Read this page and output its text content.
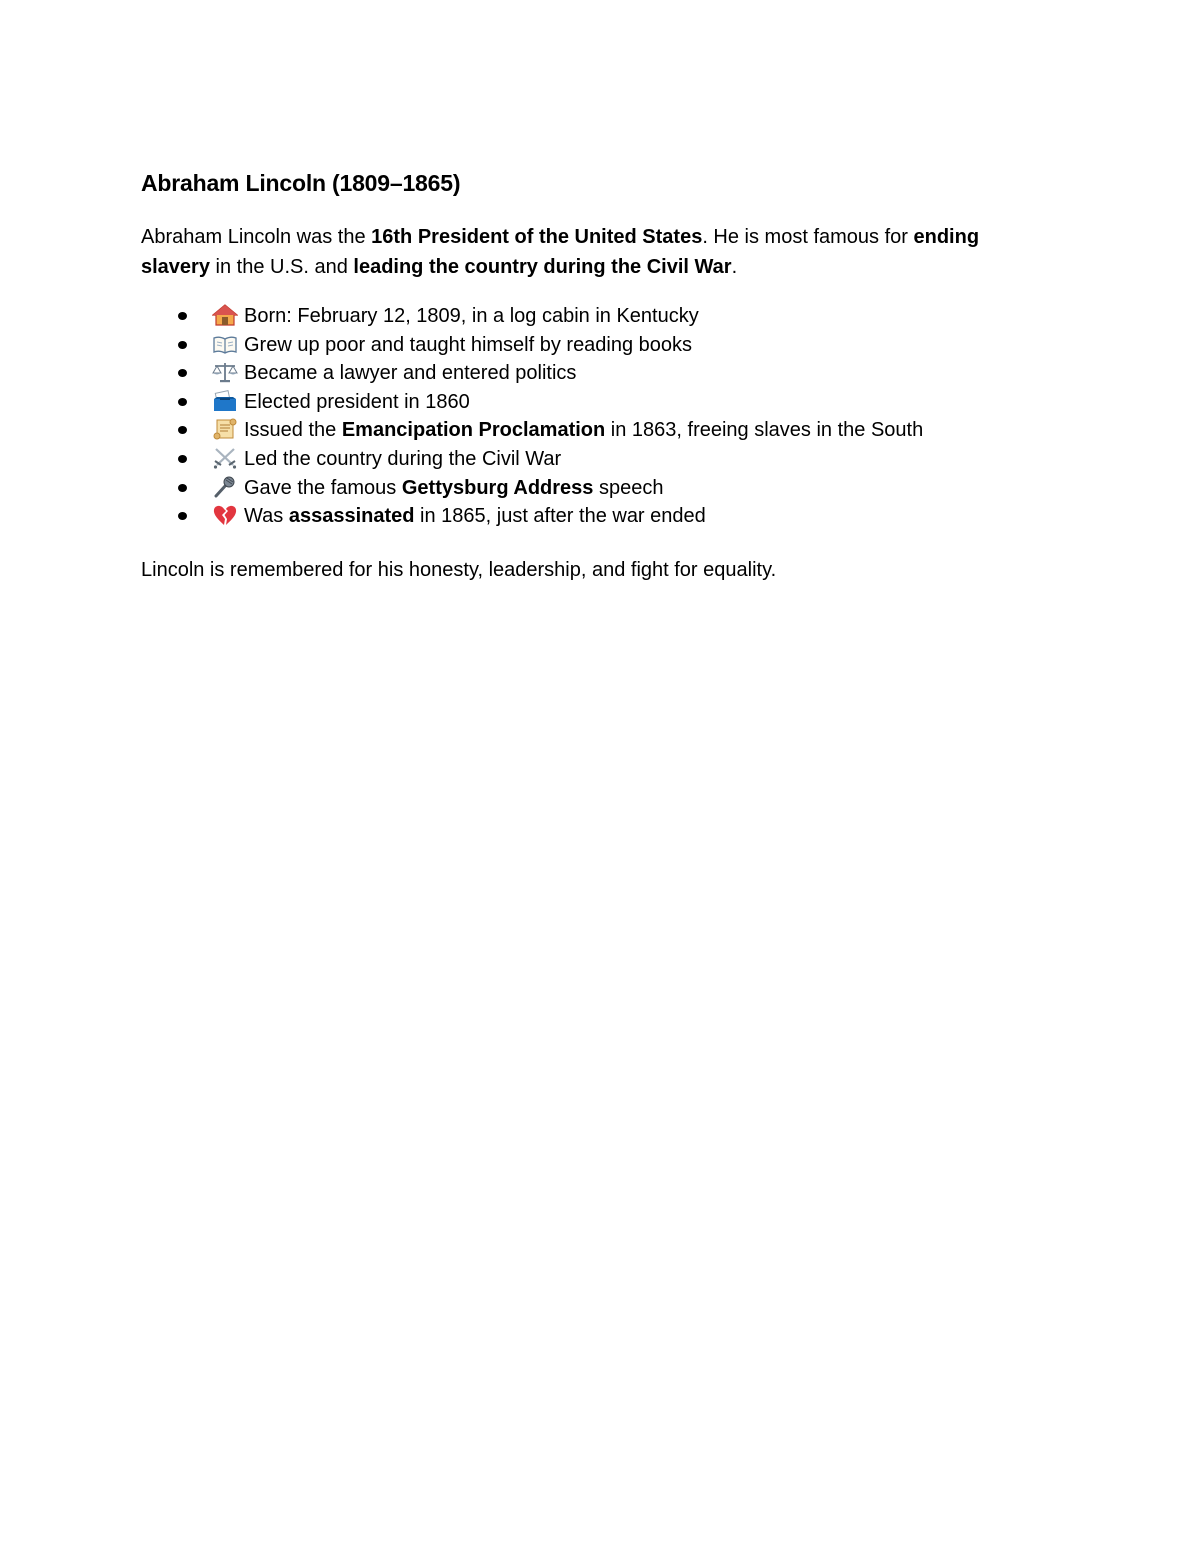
Abraham Lincoln (1809–1865)

Abraham Lincoln was the 16th President of the United States. He is most famous for ending slavery in the U.S. and leading the country during the Civil War.

Born: February 12, 1809, in a log cabin in Kentucky
Grew up poor and taught himself by reading books
Became a lawyer and entered politics
Elected president in 1860
Issued the Emancipation Proclamation in 1863, freeing slaves in the South
Led the country during the Civil War
Gave the famous Gettysburg Address speech
Was assassinated in 1865, just after the war ended

Lincoln is remembered for his honesty, leadership, and fight for equality.
